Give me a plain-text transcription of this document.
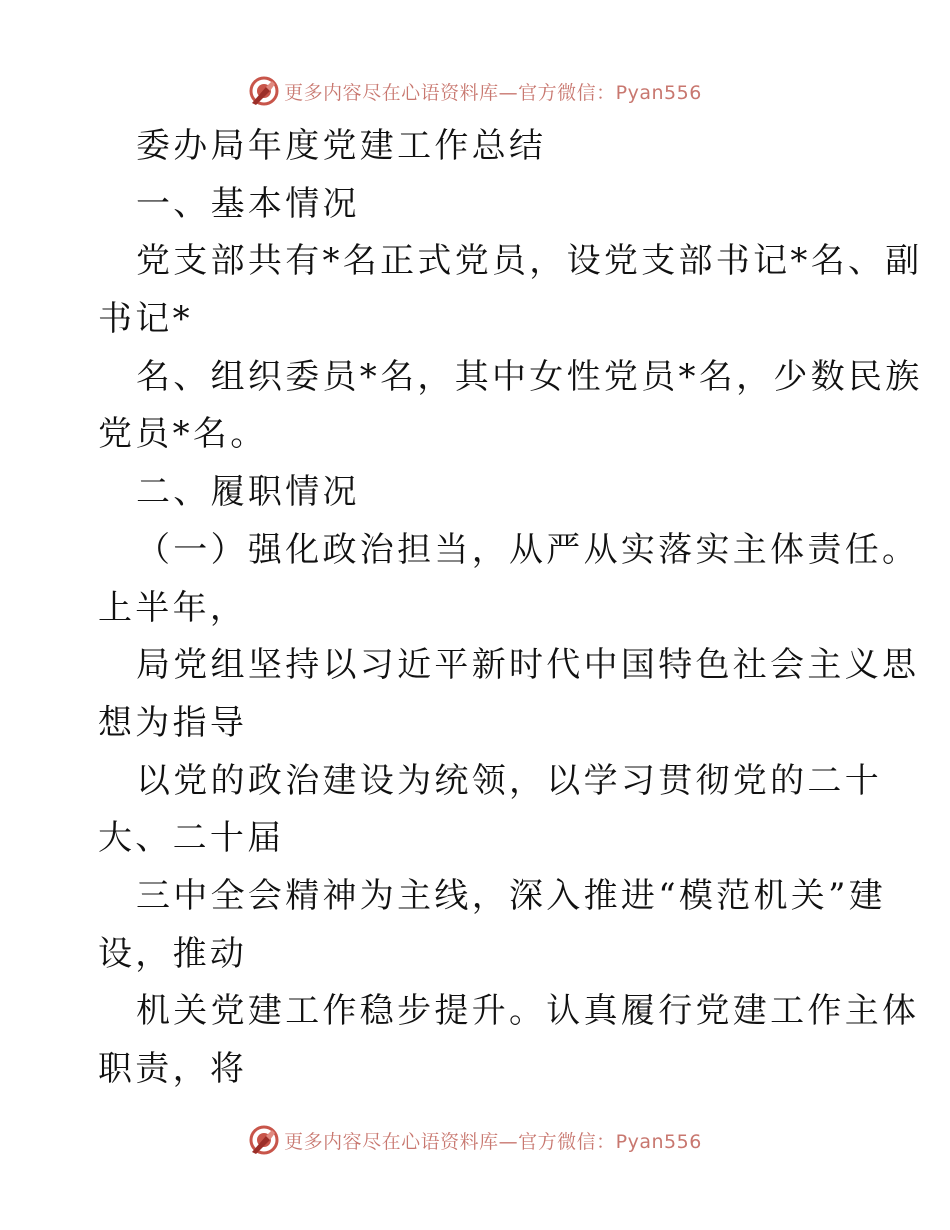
更多内容尽在心语资料库—官方微信：Pyan556
委办局年度党建工作总结
一、基本情况
党支部共有*名正式党员，设党支部书记*名、副
书记*
名、组织委员*名，其中女性党员*名，少数民族
党员*名。
二、履职情况
（一）强化政治担当，从严从实落实主体责任。
上半年，
局党组坚持以习近平新时代中国特色社会主义思
想为指导
以党的政治建设为统领，以学习贯彻党的二十
大、二十届
三中全会精神为主线，深入推进“模范机关”建
设，推动
机关党建工作稳步提升。认真履行党建工作主体
职责，将
更多内容尽在心语资料库—官方微信：Pyan556
